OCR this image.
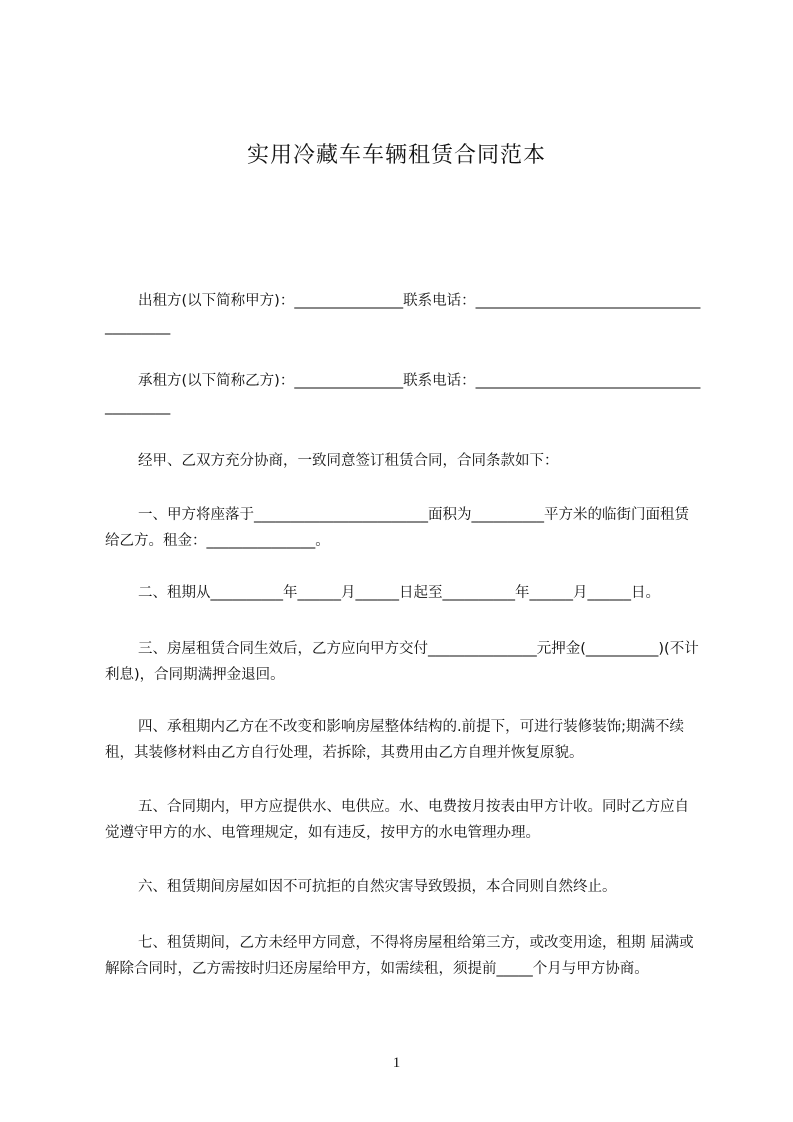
实用冷藏车车辆租赁合同范本
出租方(以下简称甲方)：_______________联系电话：________________________________________
承租方(以下简称乙方)：_______________联系电话：________________________________________
经甲、乙双方充分协商，一致同意签订租赁合同，合同条款如下：
一、甲方将座落于________________________面积为__________平方米的临街门面租赁给乙方。租金：_______________。
二、租期从__________年______月______日起至__________年______月______日。
三、房屋租赁合同生效后，乙方应向甲方交付_______________元押金(__________)(不计利息)，合同期满押金退回。
四、承租期内乙方在不改变和影响房屋整体结构的.前提下，可进行装修装饰;期满不续租，其装修材料由乙方自行处理，若拆除，其费用由乙方自理并恢复原貌。
五、合同期内，甲方应提供水、电供应。水、电费按月按表由甲方计收。同时乙方应自觉遵守甲方的水、电管理规定，如有违反，按甲方的水电管理办理。
六、租赁期间房屋如因不可抗拒的自然灾害导致毁损，本合同则自然终止。
七、租赁期间，乙方未经甲方同意，不得将房屋租给第三方，或改变用途，租期 届满或解除合同时，乙方需按时归还房屋给甲方，如需续租，须提前_____个月与甲方协商。
1
